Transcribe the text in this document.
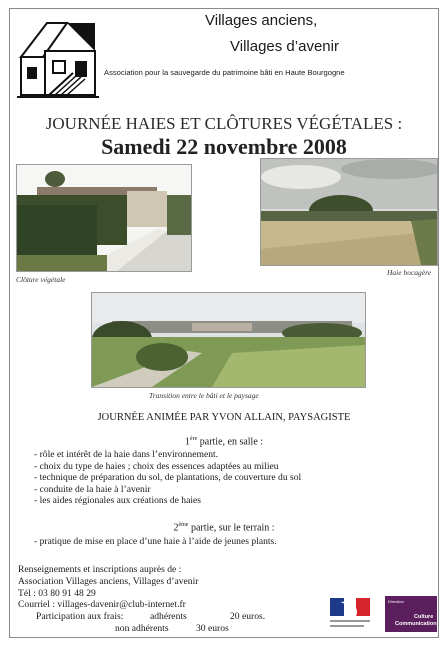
Villages anciens,
Villages d’avenir
Association pour la sauvegarde du patrimoine bâti en Haute Bourgogne
JOURNÉE HAIES ET CLÔTURES VÉGÉTALES :
Samedi 22 novembre 2008
Clôture végétale
Haie bocagère
Transition entre le bâti et le paysage
JOURNÉE ANIMÉE PAR YVON ALLAIN, PAYSAGISTE
1ère partie, en salle :
- rôle et intérêt de la haie dans l’environnement.
- choix du type de haies ; choix des essences adaptées au milieu
- technique de préparation du sol, de plantations, de couverture du sol
- conduite de la haie à l’avenir
- les aides régionales aux créations de haies
2ème partie, sur le terrain :
- pratique de mise en place d’une haie à l’aide de jeunes plants.
Renseignements et inscriptions auprès de :
Association Villages anciens, Villages d’avenir
Tél : 03 80 91 48 29
Courriel : villages-davenir@club-internet.fr
Participation aux frais:	adhérents	20 euros.
non adhérents	30 euros
Direction
Culture
Communication
